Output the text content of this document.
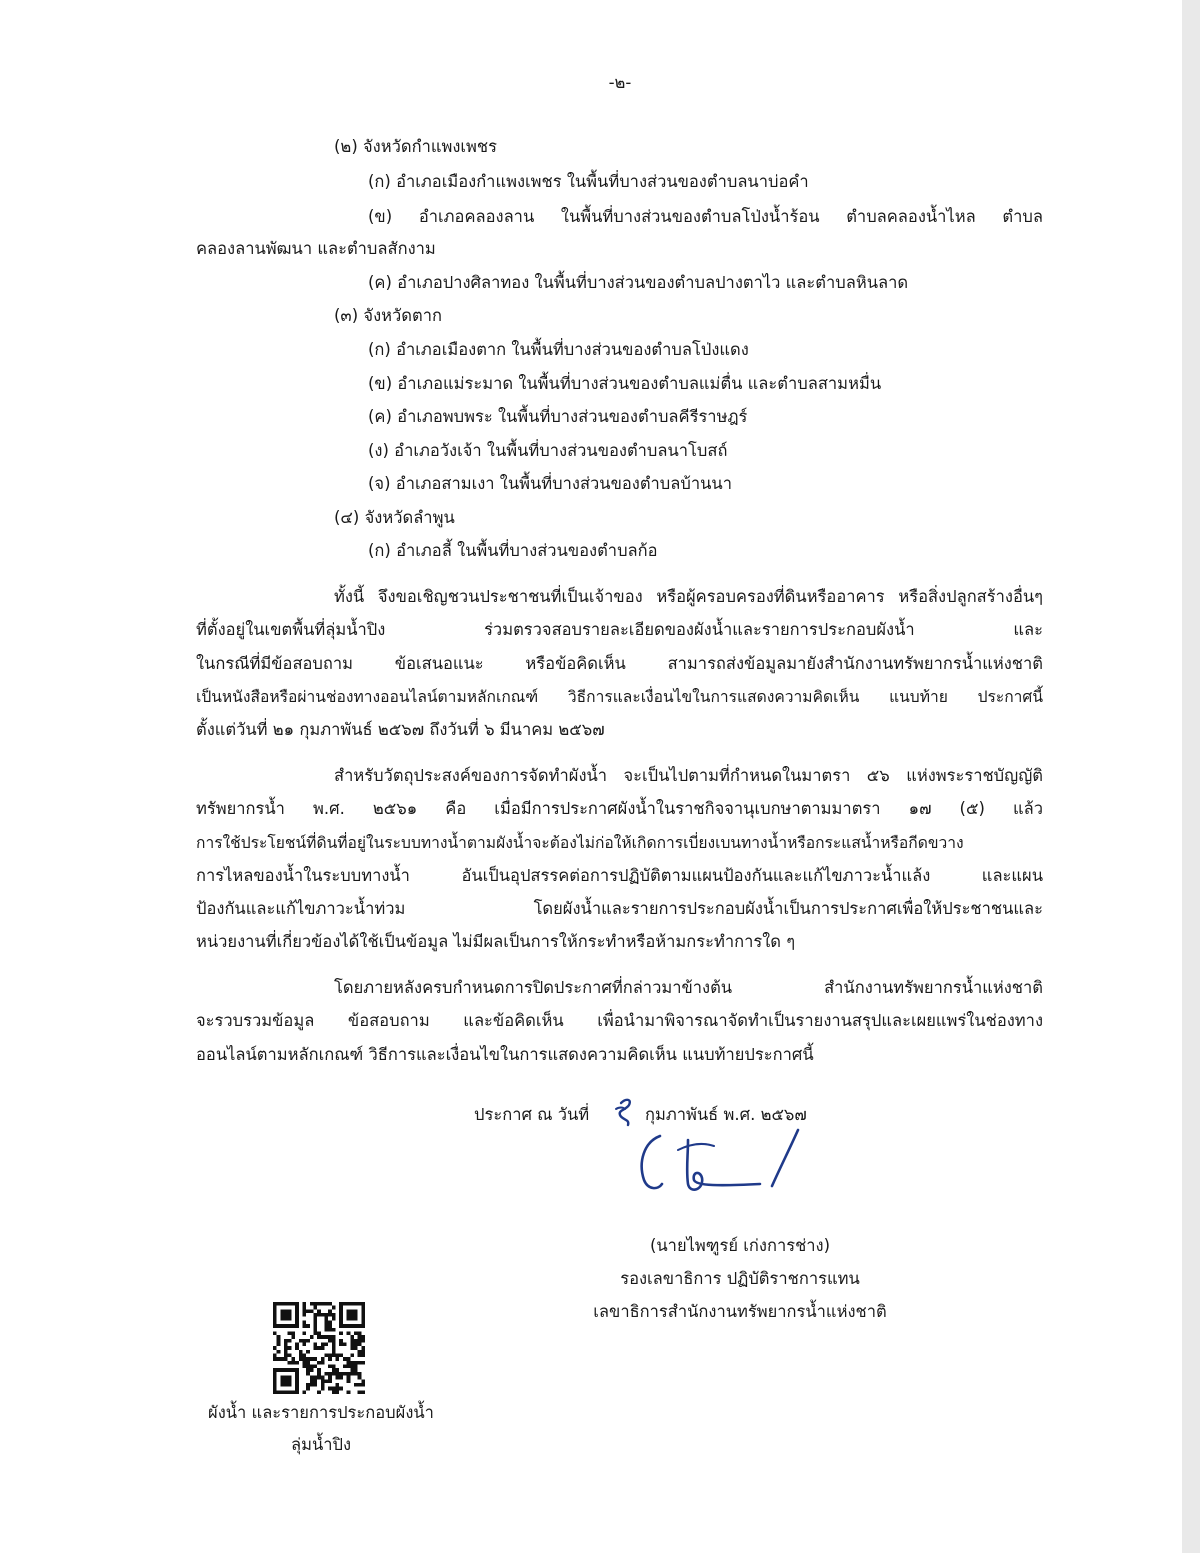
-๒-
(๒) จังหวัดกำแพงเพชร
(ก) อำเภอเมืองกำแพงเพชร ในพื้นที่บางส่วนของตำบลนาบ่อคำ
(ข) อำเภอคลองลาน ในพื้นที่บางส่วนของตำบลโป่งน้ำร้อน ตำบลคลองน้ำไหล ตำบล
คลองลานพัฒนา และตำบลสักงาม
(ค) อำเภอปางศิลาทอง ในพื้นที่บางส่วนของตำบลปางตาไว และตำบลหินลาด
(๓) จังหวัดตาก
(ก) อำเภอเมืองตาก ในพื้นที่บางส่วนของตำบลโป่งแดง
(ข) อำเภอแม่ระมาด ในพื้นที่บางส่วนของตำบลแม่ตื่น และตำบลสามหมื่น
(ค) อำเภอพบพระ ในพื้นที่บางส่วนของตำบลคีรีราษฎร์
(ง) อำเภอวังเจ้า ในพื้นที่บางส่วนของตำบลนาโบสถ์
(จ) อำเภอสามเงา ในพื้นที่บางส่วนของตำบลบ้านนา
(๔) จังหวัดลำพูน
(ก) อำเภอลี้ ในพื้นที่บางส่วนของตำบลก้อ
ทั้งนี้ จึงขอเชิญชวนประชาชนที่เป็นเจ้าของ หรือผู้ครอบครองที่ดินหรืออาคาร หรือสิ่งปลูกสร้างอื่นๆ
ที่ตั้งอยู่ในเขตพื้นที่ลุ่มน้ำปิง ร่วมตรวจสอบรายละเอียดของผังน้ำและรายการประกอบผังน้ำ และ
ในกรณีที่มีข้อสอบถาม ข้อเสนอแนะ หรือข้อคิดเห็น สามารถส่งข้อมูลมายังสำนักงานทรัพยากรน้ำแห่งชาติ
เป็นหนังสือหรือผ่านช่องทางออนไลน์ตามหลักเกณฑ์ วิธีการและเงื่อนไขในการแสดงความคิดเห็น แนบท้าย ประกาศนี้
ตั้งแต่วันที่ ๒๑ กุมภาพันธ์ ๒๕๖๗ ถึงวันที่ ๖ มีนาคม ๒๕๖๗
สำหรับวัตถุประสงค์ของการจัดทำผังน้ำ จะเป็นไปตามที่กำหนดในมาตรา ๕๖ แห่งพระราชบัญญัติ
ทรัพยากรน้ำ พ.ศ. ๒๕๖๑ คือ เมื่อมีการประกาศผังน้ำในราชกิจจานุเบกษาตามมาตรา ๑๗ (๕) แล้ว
การใช้ประโยชน์ที่ดินที่อยู่ในระบบทางน้ำตามผังน้ำจะต้องไม่ก่อให้เกิดการเบี่ยงเบนทางน้ำหรือกระแสน้ำหรือกีดขวาง
การไหลของน้ำในระบบทางน้ำ อันเป็นอุปสรรคต่อการปฏิบัติตามแผนป้องกันและแก้ไขภาวะน้ำแล้ง และแผน
ป้องกันและแก้ไขภาวะน้ำท่วม โดยผังน้ำและรายการประกอบผังน้ำเป็นการประกาศเพื่อให้ประชาชนและ
หน่วยงานที่เกี่ยวข้องได้ใช้เป็นข้อมูล ไม่มีผลเป็นการให้กระทำหรือห้ามกระทำการใด ๆ
โดยภายหลังครบกำหนดการปิดประกาศที่กล่าวมาข้างต้น สำนักงานทรัพยากรน้ำแห่งชาติ
จะรวบรวมข้อมูล ข้อสอบถาม และข้อคิดเห็น เพื่อนำมาพิจารณาจัดทำเป็นรายงานสรุปและเผยแพร่ในช่องทาง
ออนไลน์ตามหลักเกณฑ์ วิธีการและเงื่อนไขในการแสดงความคิดเห็น แนบท้ายประกาศนี้
ประกาศ ณ วันที่	กุมภาพันธ์ พ.ศ. ๒๕๖๗
(นายไพฑูรย์ เก่งการช่าง)
รองเลขาธิการ ปฏิบัติราชการแทน
เลขาธิการสำนักงานทรัพยากรน้ำแห่งชาติ
ผังน้ำ และรายการประกอบผังน้ำ
ลุ่มน้ำปิง
